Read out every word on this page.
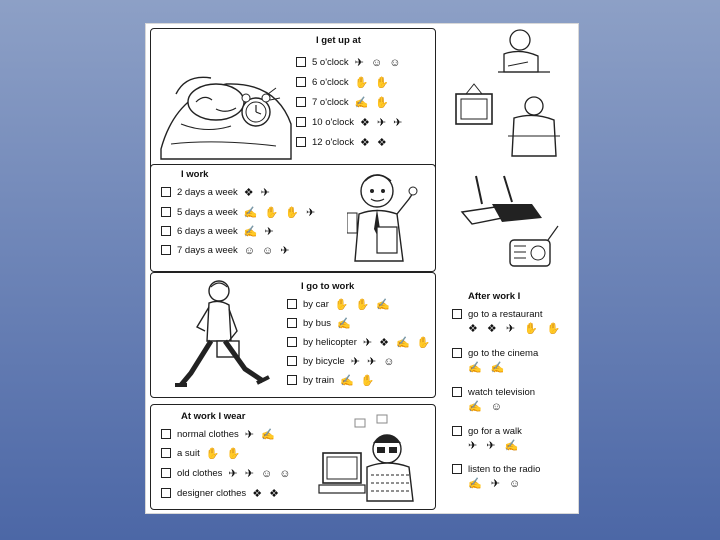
I get up at
5 o'clock ✈ ☺ ☺
6 o'clock ✋ ✋
7 o'clock ✍ ✋
10 o'clock ❖ ✈ ✈
12 o'clock ❖ ❖
I work
2 days a week ❖ ✈
5 days a week ✍ ✋ ✋ ✈
6 days a week ✍ ✈
7 days a week ☺ ☺ ✈
I go to work
by car ✋ ✋ ✍
by bus ✍
by helicopter ✈ ❖ ✍ ✋
by bicycle ✈ ✈ ☺
by train ✍ ✋
At work I wear
normal clothes ✈ ✍
a suit ✋ ✋
old clothes ✈ ✈ ☺ ☺
designer clothes ❖ ❖
After work I
go to a restaurant
❖ ❖ ✈ ✋ ✋
go to the cinema
✍ ✍
watch television
✍ ☺
go for a walk
✈ ✈ ✍
listen to the radio
✍ ✈ ☺
